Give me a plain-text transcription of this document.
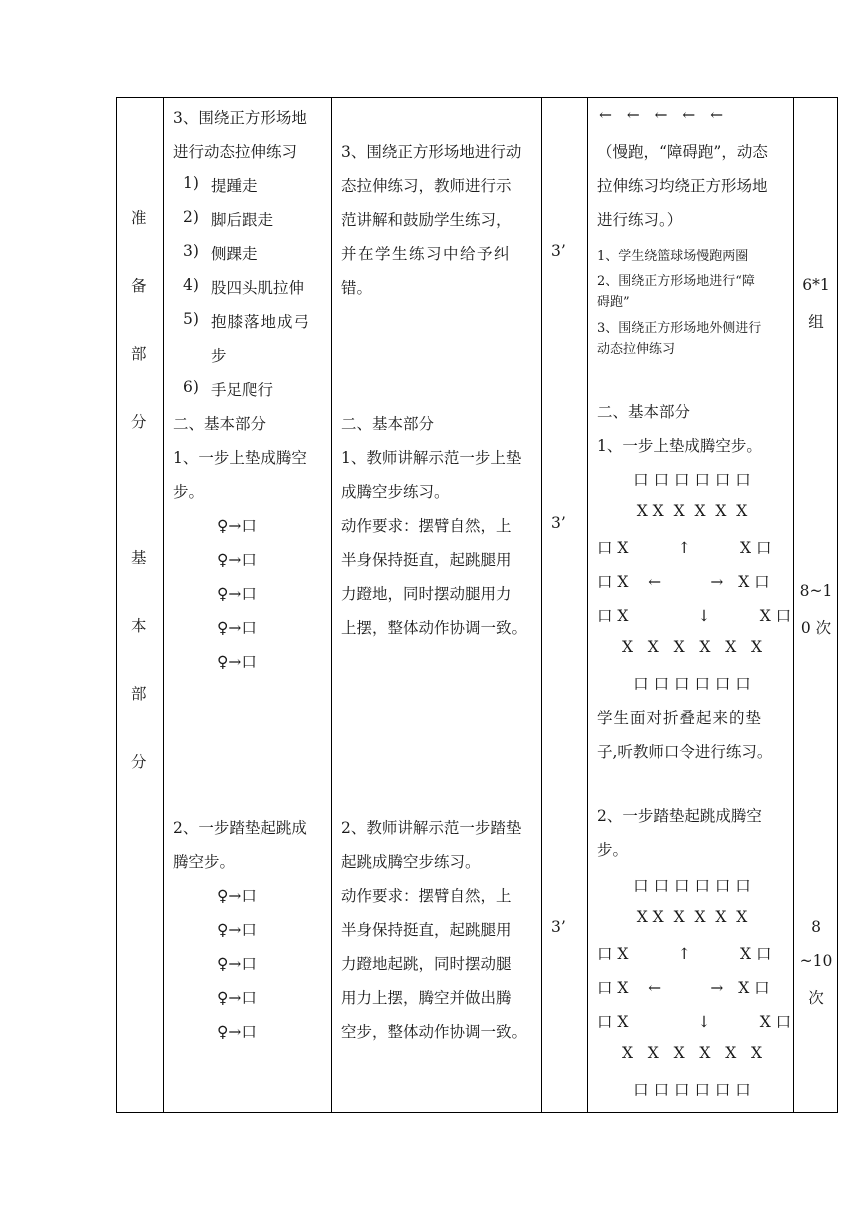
准
备
部
分
基
本
部
分
3、围绕正方形场地
进行动态拉伸练习
1) 提踵走
2) 脚后跟走
3) 侧踝走
4) 股四头肌拉伸
5) 抱膝落地成弓
步
6) 手足爬行
二、基本部分
1、一步上垫成腾空
步。
♀→口
♀→口
♀→口
♀→口
♀→口
2、一步踏垫起跳成
腾空步。
♀→口
♀→口
♀→口
♀→口
♀→口
3、围绕正方形场地进行动
态拉伸练习，教师进行示
范讲解和鼓励学生练习，
并在学生练习中给予纠
错。
二、基本部分
1、教师讲解示范一步上垫
成腾空步练习。
动作要求：摆臂自然，上
半身保持挺直，起跳腿用
力蹬地，同时摆动腿用力
上摆，整体动作协调一致。
2、教师讲解示范一步踏垫
起跳成腾空步练习。
动作要求：摆臂自然，上
半身保持挺直，起跳腿用
力蹬地起跳，同时摆动腿
用力上摆，腾空并做出腾
空步，整体动作协调一致。
3’
3’
3’
←   ←   ←   ←   ←
（慢跑，“障碍跑”，动态
拉伸练习均绕正方形场地
进行练习。）
1、学生绕篮球场慢跑两圈
2、围绕正方形场地进行“障
碍跑”
3、围绕正方形场地外侧进行
动态拉伸练习
二、基本部分
1、一步上垫成腾空步。
口 口 口 口 口 口
X X  X  X  X  X
口 X          ↑          X 口
口 X    ←          →   X 口
口 X              ↓          X 口
X   X   X   X   X   X
口 口 口 口 口 口
学生面对折叠起来的垫
子,听教师口令进行练习。
2、一步踏垫起跳成腾空
步。
口 口 口 口 口 口
X X  X  X  X  X
口 X          ↑          X 口
口 X    ←          →   X 口
口 X              ↓          X 口
X   X   X   X   X   X
口 口 口 口 口 口
6*1
组
8~1
0 次
8
~10
次
